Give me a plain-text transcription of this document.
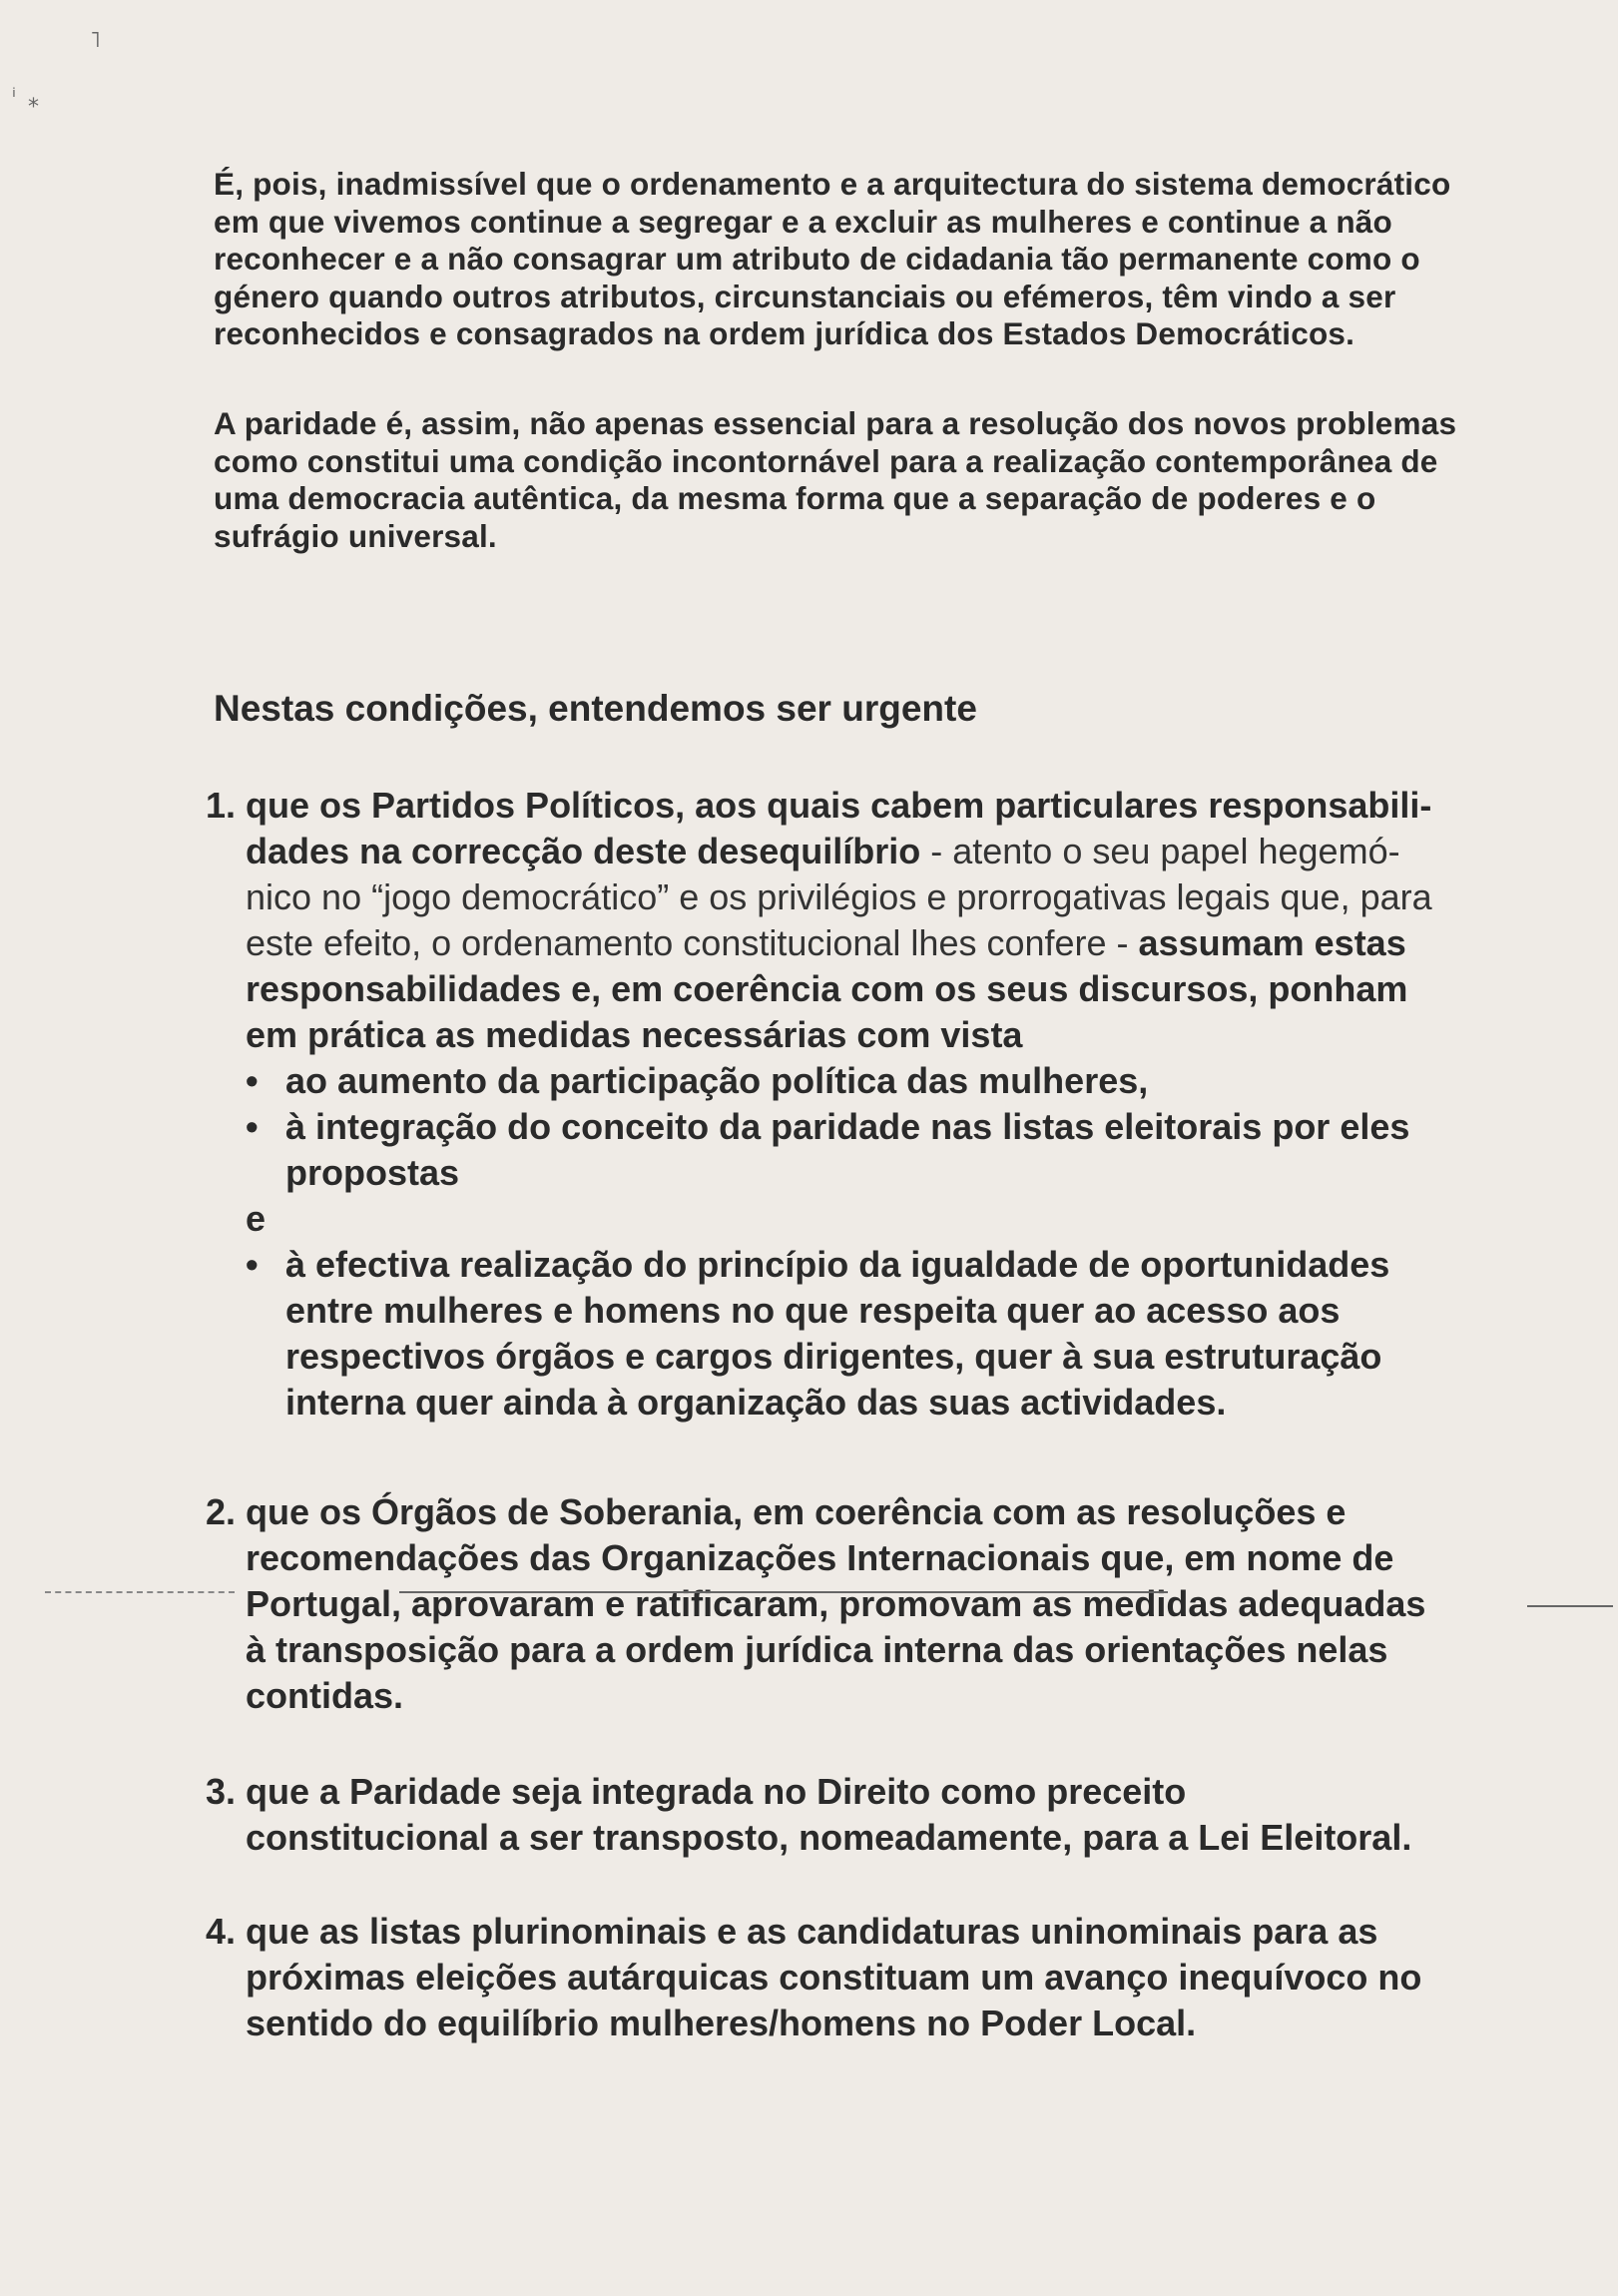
˥
ᵢ
*
É, pois, inadmissível que o ordenamento e a arquitectura do sistema democrático
em que vivemos continue a segregar e a excluir as mulheres e continue a não
reconhecer e a não consagrar um atributo de cidadania tão permanente como o
género quando outros atributos, circunstanciais ou efémeros, têm vindo a ser
reconhecidos e consagrados na ordem jurídica dos Estados Democráticos.
A paridade é, assim, não apenas essencial para a resolução dos novos problemas
como constitui uma condição incontornável para a realização contemporânea de
uma democracia autêntica, da mesma forma que a separação de poderes e o
sufrágio universal.
Nestas condições, entendemos ser urgente
1. que os Partidos Políticos, aos quais cabem particulares responsabili-
dades na correcção deste desequilíbrio - atento o seu papel hegemó-
nico no “jogo democrático” e os privilégios e prorrogativas legais que, para
este efeito, o ordenamento constitucional lhes confere - assumam estas
responsabilidades e, em coerência com os seus discursos, ponham
em prática as medidas necessárias com vista
• ao aumento da participação política das mulheres,
• à integração do conceito da paridade nas listas eleitorais por eles
propostas
e
• à efectiva realização do princípio da igualdade de oportunidades
entre mulheres e homens no que respeita quer ao acesso aos
respectivos órgãos e cargos dirigentes, quer à sua estruturação
interna quer ainda à organização das suas actividades.
2. que os Órgãos de Soberania, em coerência com as resoluções e
recomendações das Organizações Internacionais que, em nome de
Portugal, aprovaram e ratificaram, promovam as medidas adequadas
à transposição para a ordem jurídica interna das orientações nelas
contidas.
3. que a Paridade seja integrada no Direito como preceito
constitucional a ser transposto, nomeadamente, para a Lei Eleitoral.
4. que as listas plurinominais e as candidaturas uninominais para as
próximas eleições autárquicas constituam um avanço inequívoco no
sentido do equilíbrio mulheres/homens no Poder Local.
